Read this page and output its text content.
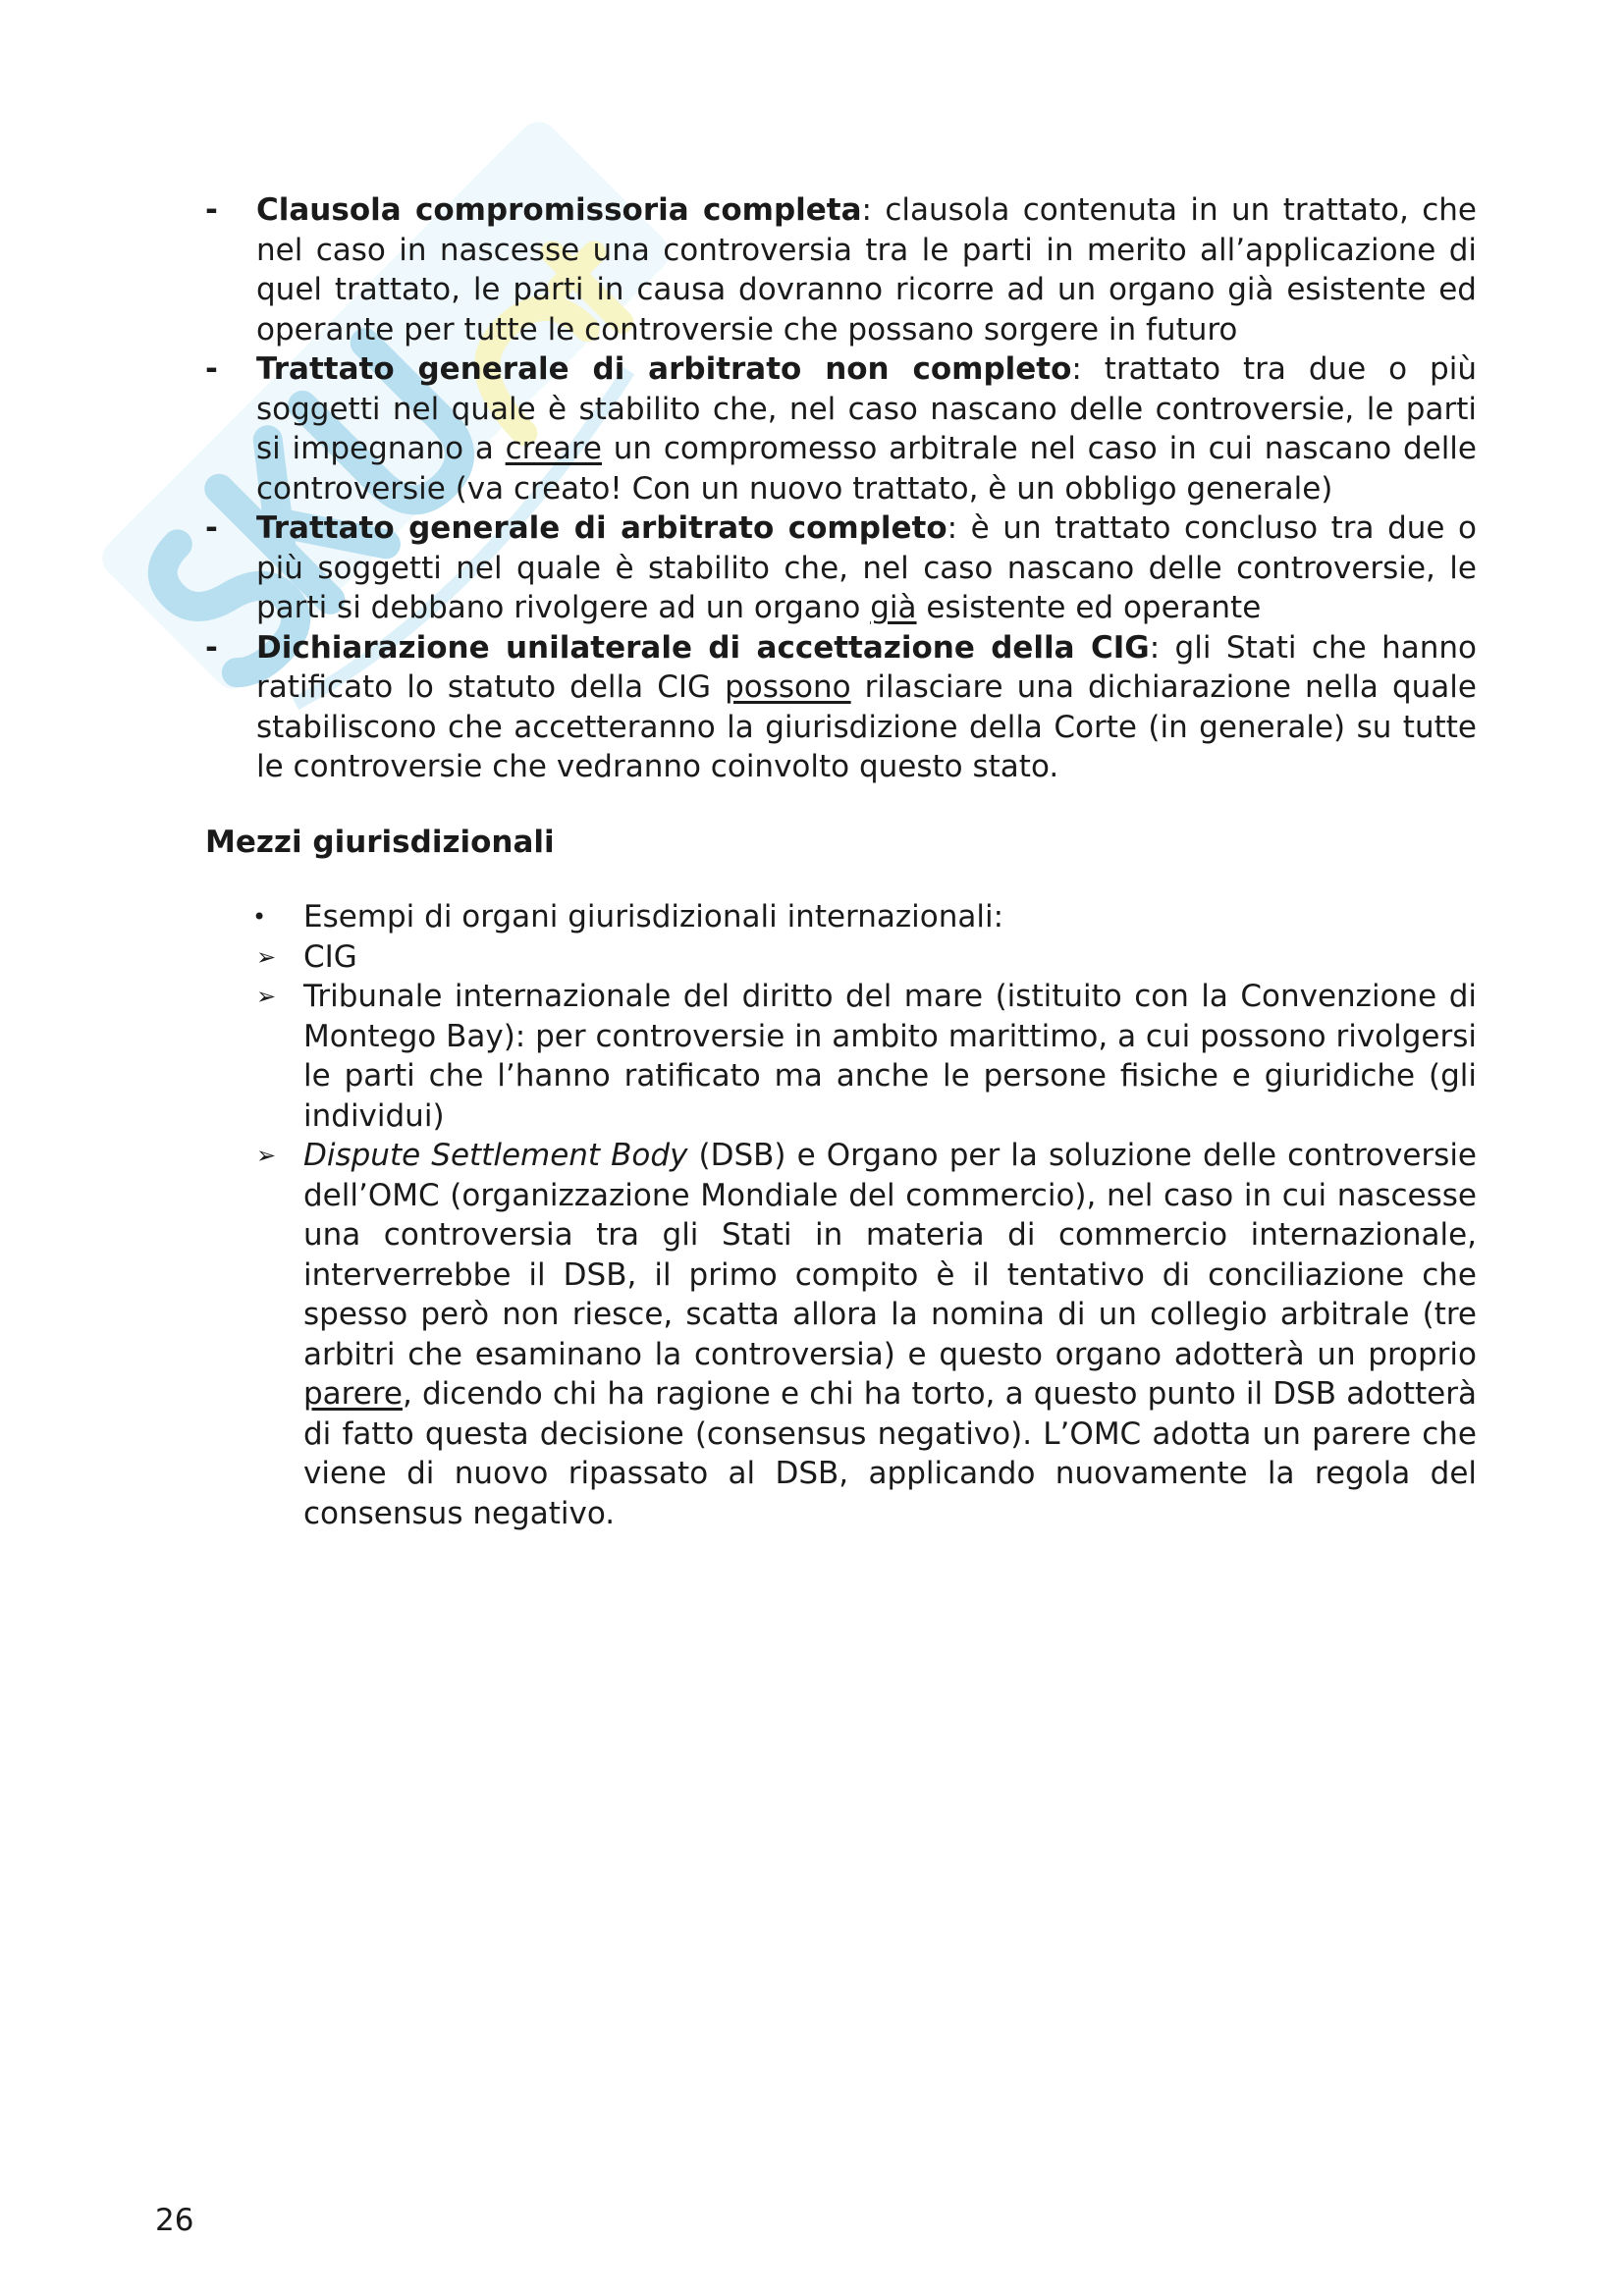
- Clausola compromissoria completa: clausola contenuta in un trattato, che nel caso in nascesse una controversia tra le parti in merito all’applicazione di quel trattato, le parti in causa dovranno ricorre ad un organo già esistente ed operante per tutte le controversie che possano sorgere in futuro
- Trattato generale di arbitrato non completo: trattato tra due o più soggetti nel quale è stabilito che, nel caso nascano delle controversie, le parti si impegnano a creare un compromesso arbitrale nel caso in cui nascano delle controversie (va creato! Con un nuovo trattato, è un obbligo generale)
- Trattato generale di arbitrato completo: è un trattato concluso tra due o più soggetti nel quale è stabilito che, nel caso nascano delle controversie, le parti si debbano rivolgere ad un organo già esistente ed operante
- Dichiarazione unilaterale di accettazione della CIG: gli Stati che hanno ratificato lo statuto della CIG possono rilasciare una dichiarazione nella quale stabiliscono che accetteranno la giurisdizione della Corte (in generale) su tutte le controversie che vedranno coinvolto questo stato.
Mezzi giurisdizionali
• Esempi di organi giurisdizionali internazionali:
➢ CIG
➢ Tribunale internazionale del diritto del mare (istituito con la Convenzione di Montego Bay): per controversie in ambito marittimo, a cui possono rivolgersi le parti che l’hanno ratificato ma anche le persone fisiche e giuridiche (gli individui)
➢ Dispute Settlement Body (DSB) e Organo per la soluzione delle controversie dell’OMC (organizzazione Mondiale del commercio), nel caso in cui nascesse una controversia tra gli Stati in materia di commercio internazionale, interverrebbe il DSB, il primo compito è il tentativo di conciliazione che spesso però non riesce, scatta allora la nomina di un collegio arbitrale (tre arbitri che esaminano la controversia) e questo organo adotterà un proprio parere, dicendo chi ha ragione e chi ha torto, a questo punto il DSB adotterà di fatto questa decisione (consensus negativo). L’OMC adotta un parere che viene di nuovo ripassato al DSB, applicando nuovamente la regola del consensus negativo.
26
